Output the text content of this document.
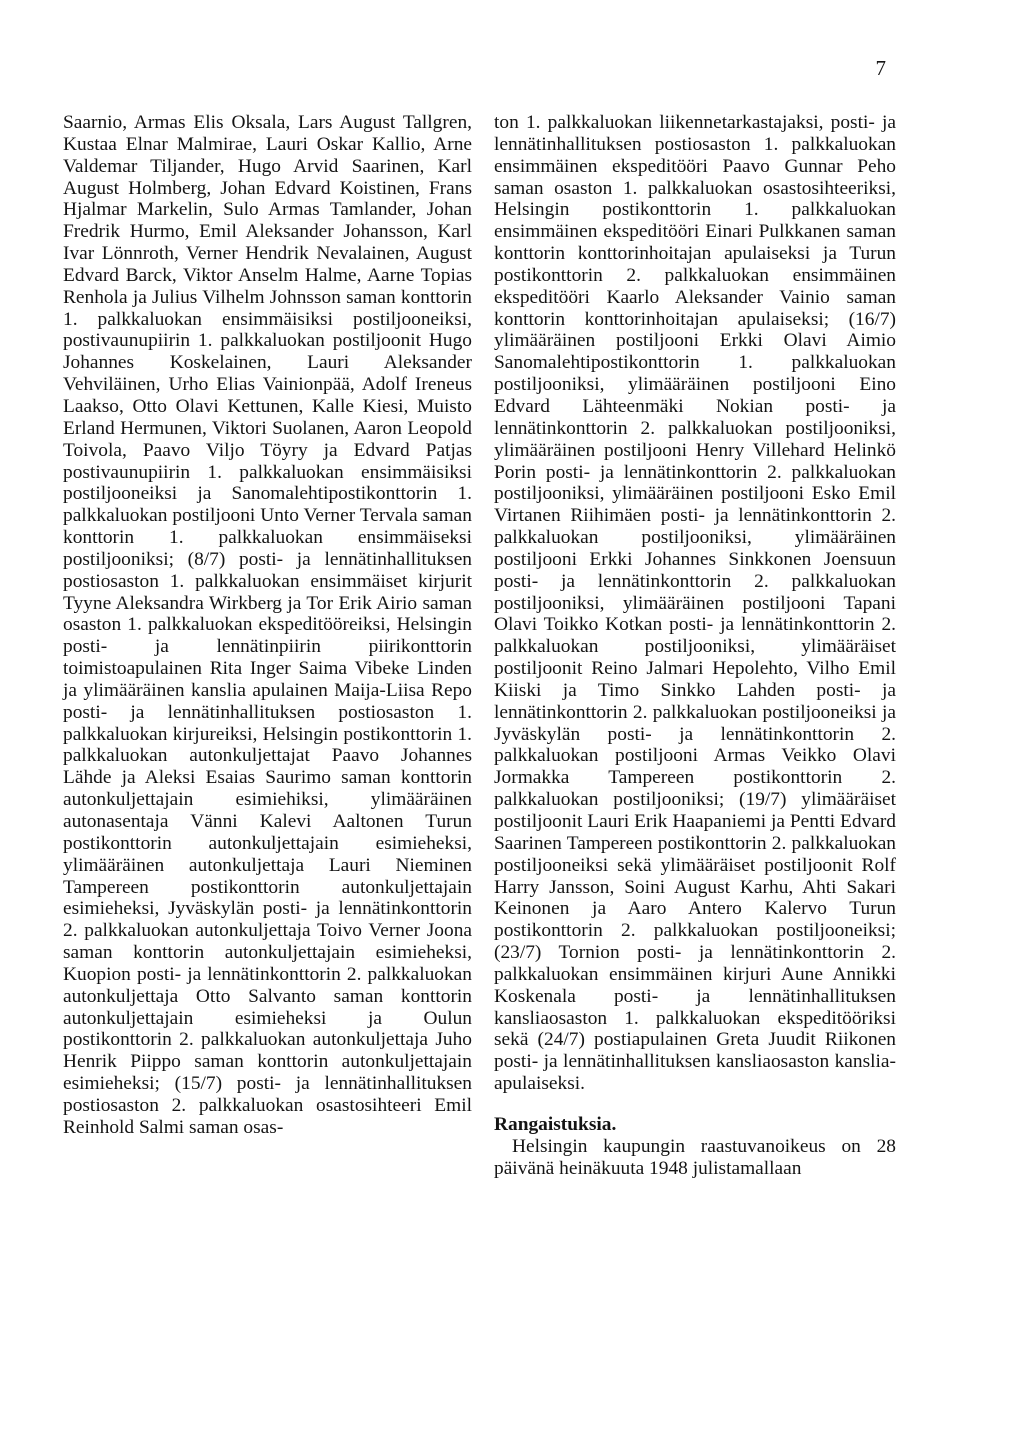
7

Saarnio, Armas Elis Oksala, Lars August Tallgren, Kustaa Elnar Malmirae, Lauri Oskar Kallio, Arne Valdemar Tiljander, Hugo Arvid Saarinen, Karl August Holmberg, Johan Edvard Koistinen, Frans Hjalmar Markelin, Sulo Armas Tamlander, Johan Fredrik Hurmo, Emil Aleksander Johansson, Karl Ivar Lönnroth, Verner Hendrik Nevalainen, August Edvard Barck, Viktor Anselm Halme, Aarne Topias Renhola ja Julius Vilhelm Johnsson saman konttorin 1. palkkaluokan ensimmäisiksi postiljooneiksi, postivaunupiirin 1. palkkaluokan postiljoonit Hugo Johannes Koskelainen, Lauri Aleksander Vehviläinen, Urho Elias Vainionpää, Adolf Ireneus Laakso, Otto Olavi Kettunen, Kalle Kiesi, Muisto Erland Hermunen, Viktori Suolanen, Aaron Leopold Toivola, Paavo Viljo Töyry ja Edvard Patjas postivaunupiirin 1. palkkaluokan ensimmäisiksi postiljooneiksi ja Sanomalehtipostikonttorin 1. palkkaluokan postiljooni Unto Verner Tervala saman konttorin 1. palkkaluokan ensimmäiseksi postiljooniksi; (8/7) posti- ja lennätinhallituksen postiosaston 1. palkkaluokan ensimmäiset kirjurit Tyyne Aleksandra Wirkberg ja Tor Erik Airio saman osaston 1. palkkaluokan ekspeditööreiksi, Helsingin posti- ja lennätinpiirin piirikonttorin toimistoapulainen Rita Inger Saima Vibeke Linden ja ylimääräinen kanslia apulainen Maija-Liisa Repo posti- ja lennätinhallituksen postiosaston 1. palkkaluokan kirjureiksi, Helsingin postikonttorin 1. palkkaluokan autonkuljettajat Paavo Johannes Lähde ja Aleksi Esaias Saurimo saman konttorin autonkuljettajain esimiehiksi, ylimääräinen autonasentaja Vänni Kalevi Aaltonen Turun postikonttorin autonkuljettajain esimieheksi, ylimääräinen autonkuljettaja Lauri Nieminen Tampereen postikonttorin autonkuljettajain esimieheksi, Jyväskylän posti- ja lennätinkonttorin 2. palkkaluokan autonkuljettaja Toivo Verner Joona saman konttorin autonkuljettajain esimieheksi, Kuopion posti- ja lennätinkonttorin 2. palkkaluokan autonkuljettaja Otto Salvanto saman konttorin autonkuljettajain esimieheksi ja Oulun postikonttorin 2. palkkaluokan autonkuljettaja Juho Henrik Piippo saman konttorin autonkuljettajain esimieheksi; (15/7) posti- ja lennätinhallituksen postiosaston 2. palkkaluokan osastosihteeri Emil Reinhold Salmi saman osas-

ton 1. palkkaluokan liikennetarkastajaksi, posti- ja lennätinhallituksen postiosaston 1. palkkaluokan ensimmäinen ekspeditööri Paavo Gunnar Peho saman osaston 1. palkkaluokan osastosihteeriksi, Helsingin postikonttorin 1. palkkaluokan ensimmäinen ekspeditööri Einari Pulkkanen saman konttorin konttorinhoitajan apulaiseksi ja Turun postikonttorin 2. palkkaluokan ensimmäinen ekspeditööri Kaarlo Aleksander Vainio saman konttorin konttorinhoitajan apulaiseksi; (16/7) ylimääräinen postiljooni Erkki Olavi Aimio Sanomalehtipostikonttorin 1. palkkaluokan postiljooniksi, ylimääräinen postiljooni Eino Edvard Lähteenmäki Nokian posti- ja lennätinkonttorin 2. palkkaluokan postiljooniksi, ylimääräinen postiljooni Henry Villehard Helinkö Porin posti- ja lennätinkonttorin 2. palkkaluokan postiljooniksi, ylimääräinen postiljooni Esko Emil Virtanen Riihimäen posti- ja lennätinkonttorin 2. palkkaluokan postiljooniksi, ylimääräinen postiljooni Erkki Johannes Sinkkonen Joensuun posti- ja lennätinkonttorin 2. palkkaluokan postiljooniksi, ylimääräinen postiljooni Tapani Olavi Toikko Kotkan posti- ja lennätinkonttorin 2. palkkaluokan postiljooniksi, ylimääräiset postiljoonit Reino Jalmari Hepolehto, Vilho Emil Kiiski ja Timo Sinkko Lahden posti- ja lennätinkonttorin 2. palkkaluokan postiljooneiksi ja Jyväskylän posti- ja lennätinkonttorin 2. palkkaluokan postiljooni Armas Veikko Olavi Jormakka Tampereen postikonttorin 2. palkkaluokan postiljooniksi; (19/7) ylimääräiset postiljoonit Lauri Erik Haapaniemi ja Pentti Edvard Saarinen Tampereen postikonttorin 2. palkkaluokan postiljooneiksi sekä ylimääräiset postiljoonit Rolf Harry Jansson, Soini August Karhu, Ahti Sakari Keinonen ja Aaro Antero Kalervo Turun postikonttorin 2. palkkaluokan postiljooneiksi; (23/7) Tornion posti- ja lennätinkonttorin 2. palkkaluokan ensimmäinen kirjuri Aune Annikki Koskenala posti- ja lennätinhallituksen kansliaosaston 1. palkkaluokan ekspeditööriksi sekä (24/7) postiapulainen Greta Juudit Riikonen posti- ja lennätinhallituksen kansliaosaston kanslia-apulaiseksi.

Rangaistuksia.

Helsingin kaupungin raastuvanoikeus on 28 päivänä heinäkuuta 1948 julistamallaan
